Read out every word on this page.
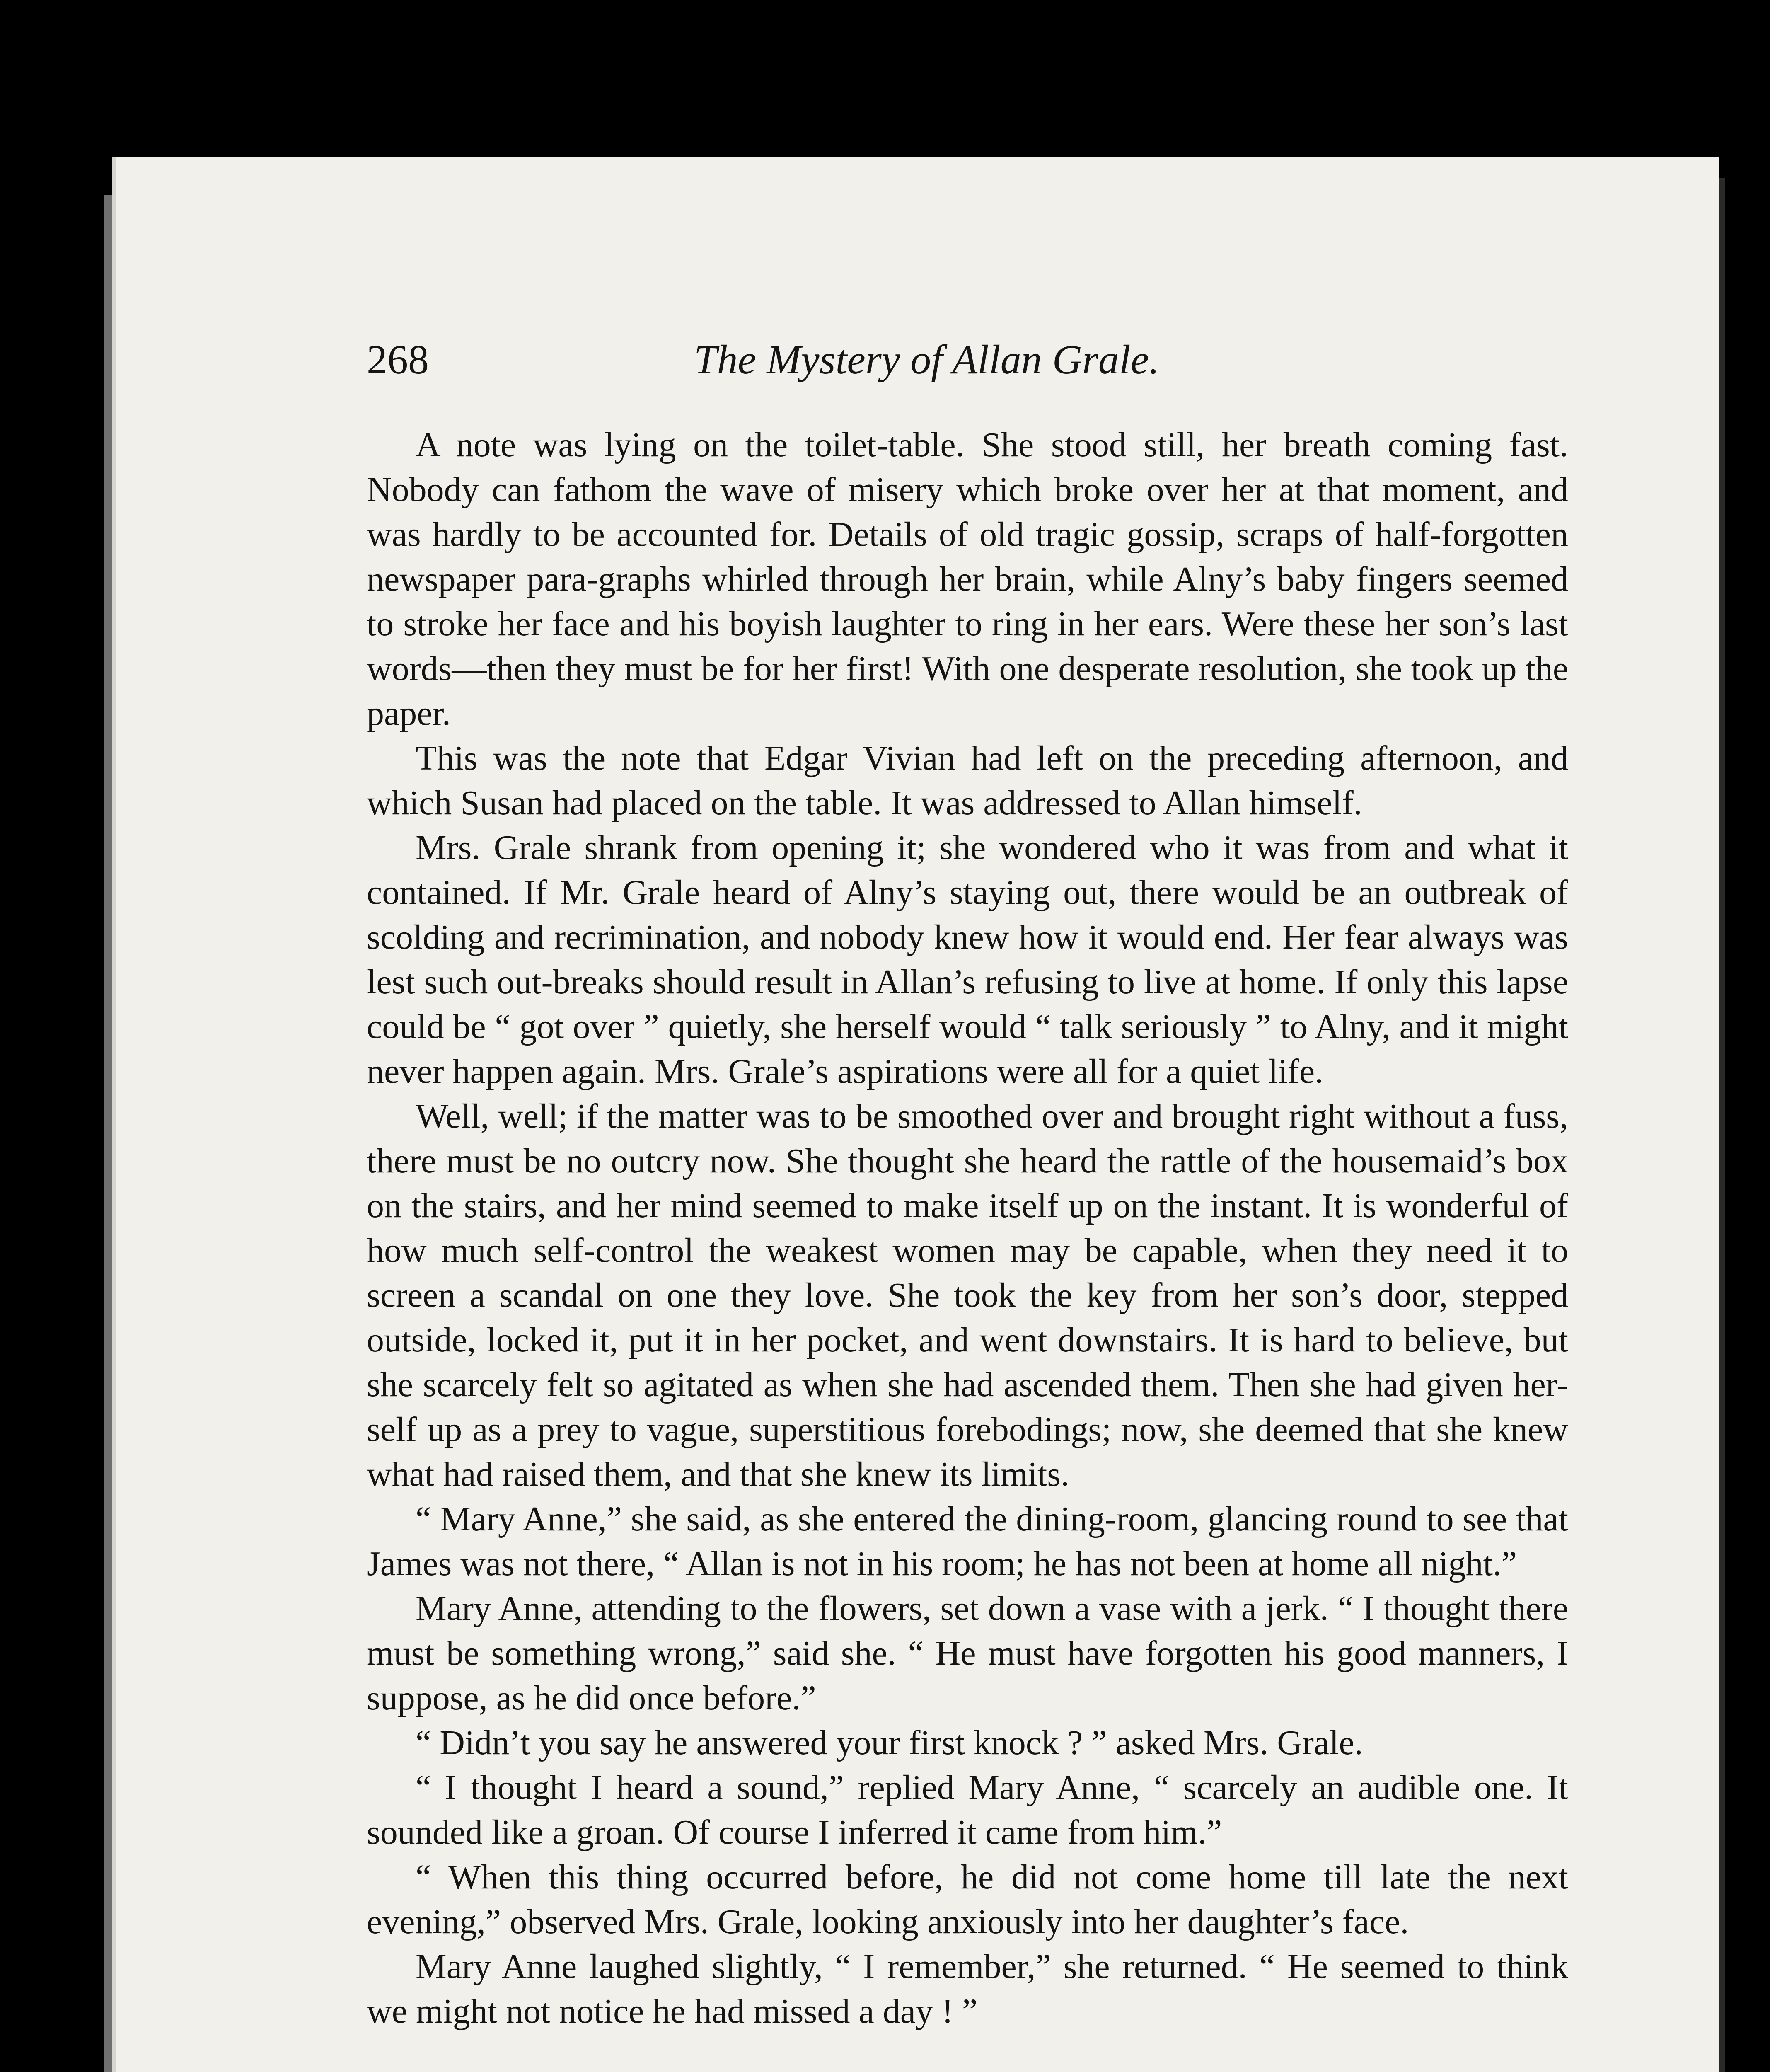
268	The Mystery of Allan Grale.

A note was lying on the toilet-table. She stood still, her breath coming fast. Nobody can fathom the wave of misery which broke over her at that moment, and was hardly to be accounted for. Details of old tragic gossip, scraps of half-forgotten newspaper para-graphs whirled through her brain, while Alny’s baby fingers seemed to stroke her face and his boyish laughter to ring in her ears. Were these her son’s last words—then they must be for her first! With one desperate resolution, she took up the paper.

This was the note that Edgar Vivian had left on the preceding afternoon, and which Susan had placed on the table. It was addressed to Allan himself.

Mrs. Grale shrank from opening it; she wondered who it was from and what it contained. If Mr. Grale heard of Alny’s staying out, there would be an outbreak of scolding and recrimination, and nobody knew how it would end. Her fear always was lest such out-breaks should result in Allan’s refusing to live at home. If only this lapse could be “ got over ” quietly, she herself would “ talk seriously ” to Alny, and it might never happen again. Mrs. Grale’s aspirations were all for a quiet life.

Well, well; if the matter was to be smoothed over and brought right without a fuss, there must be no outcry now. She thought she heard the rattle of the housemaid’s box on the stairs, and her mind seemed to make itself up on the instant. It is wonderful of how much self-control the weakest women may be capable, when they need it to screen a scandal on one they love. She took the key from her son’s door, stepped outside, locked it, put it in her pocket, and went downstairs. It is hard to believe, but she scarcely felt so agitated as when she had ascended them. Then she had given her-self up as a prey to vague, superstitious forebodings; now, she deemed that she knew what had raised them, and that she knew its limits.

“ Mary Anne,” she said, as she entered the dining-room, glancing round to see that James was not there, “ Allan is not in his room; he has not been at home all night.”

Mary Anne, attending to the flowers, set down a vase with a jerk. “ I thought there must be something wrong,” said she. “ He must have forgotten his good manners, I suppose, as he did once before.”

“ Didn’t you say he answered your first knock ? ” asked Mrs. Grale.

“ I thought I heard a sound,” replied Mary Anne, “ scarcely an audible one. It sounded like a groan. Of course I inferred it came from him.”

“ When this thing occurred before, he did not come home till late the next evening,” observed Mrs. Grale, looking anxiously into her daughter’s face.

Mary Anne laughed slightly, “ I remember,” she returned. “ He seemed to think we might not notice he had missed a day ! ”
